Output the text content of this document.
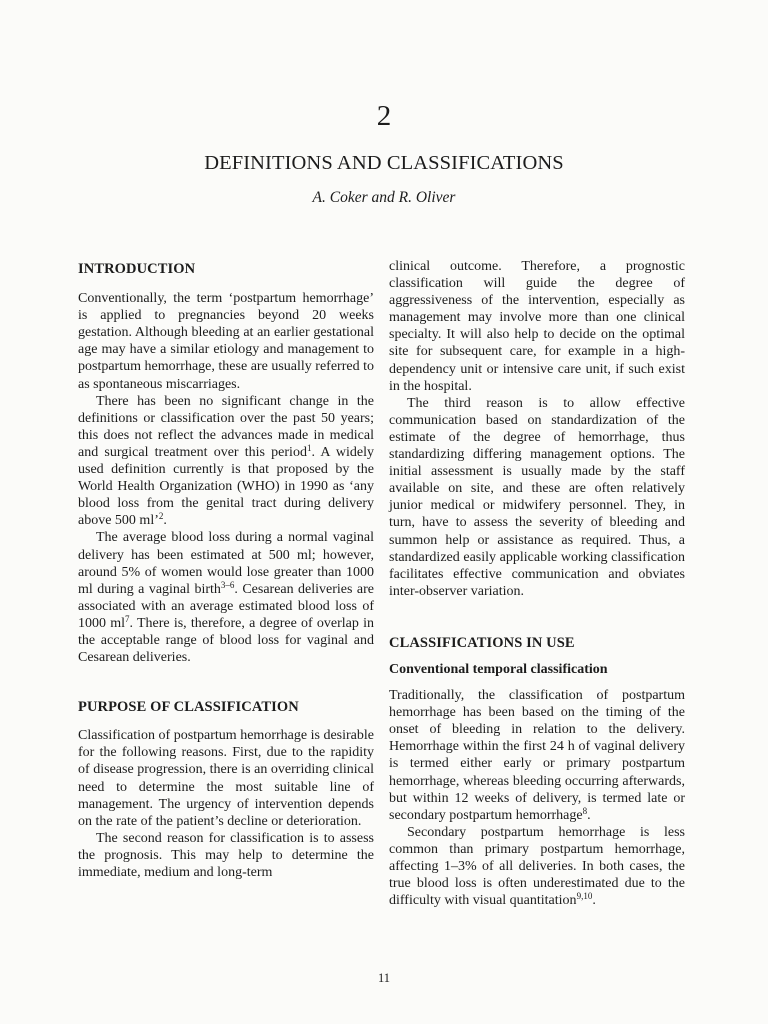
2
DEFINITIONS AND CLASSIFICATIONS

A. Coker and R. Oliver

INTRODUCTION

Conventionally, the term ‘postpartum hemorrhage’ is applied to pregnancies beyond 20 weeks gestation. Although bleeding at an earlier gestational age may have a similar etiology and management to postpartum hemorrhage, these are usually referred to as spontaneous miscarriages.

There has been no significant change in the definitions or classification over the past 50 years; this does not reflect the advances made in medical and surgical treatment over this period$^1$. A widely used definition currently is that proposed by the World Health Organization (WHO) in 1990 as ‘any blood loss from the genital tract during delivery above 500 ml’$^2$.

The average blood loss during a normal vaginal delivery has been estimated at 500 ml; however, around 5% of women would lose greater than 1000 ml during a vaginal birth$^{3-6}$. Cesarean deliveries are associated with an average estimated blood loss of 1000 $ml^7$. There is, therefore, a degree of overlap in the acceptable range of blood loss for vaginal and Cesarean deliveries.

PURPOSE OF CLASSIFICATION

Classification of postpartum hemorrhage is desirable for the following reasons. First, due to the rapidity of disease progression, there is an overriding clinical need to determine the most suitable line of management. The urgency of intervention depends on the rate of the patient’s decline or deterioration.

The second reason for classification is to assess the prognosis. This may help to determine the immediate, medium and long-term

clinical outcome. Therefore, a prognostic classification will guide the degree of aggressiveness of the intervention, especially as management may involve more than one clinical specialty. It will also help to decide on the optimal site for subsequent care, for example in a high-dependency unit or intensive care unit, if such exist in the hospital.

The third reason is to allow effective communication based on standardization of the estimate of the degree of hemorrhage, thus standardizing differing management options. The initial assessment is usually made by the staff available on site, and these are often relatively junior medical or midwifery personnel. They, in turn, have to assess the severity of bleeding and summon help or assistance as required. Thus, a standardized easily applicable working classification facilitates effective communication and obviates inter-observer variation.

CLASSIFICATIONS IN USE
Conventional temporal classification

Traditionally, the classification of postpartum hemorrhage has been based on the timing of the onset of bleeding in relation to the delivery. Hemorrhage within the first 24 h of vaginal delivery is termed either early or primary postpartum hemorrhage, whereas bleeding occurring afterwards, but within 12 weeks of delivery, is termed late or secondary postpartum hemorrhage$^8$.

Secondary postpartum hemorrhage is less common than primary postpartum hemorrhage, affecting 1–3% of all deliveries. In both cases, the true blood loss is often underestimated due to the difficulty with visual quantitation$^{9,10}$.

11
